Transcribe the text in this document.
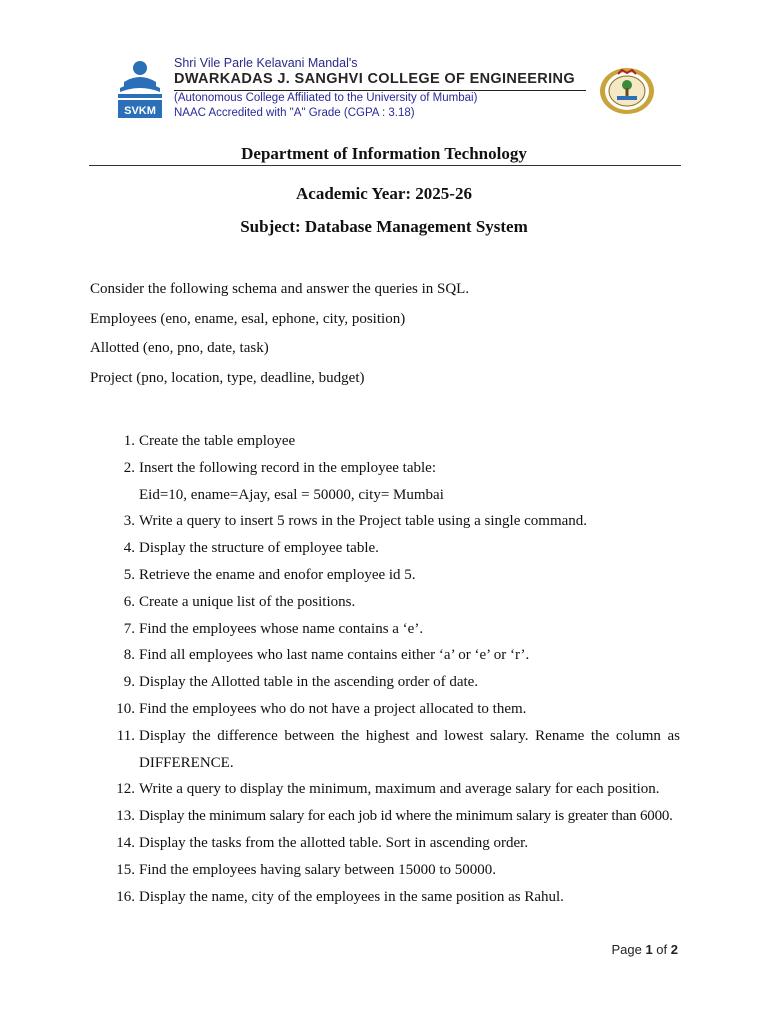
SVKM
Shri Vile Parle Kelavani Mandal's
DWARKADAS J. SANGHVI COLLEGE OF ENGINEERING
(Autonomous College Affiliated to the University of Mumbai)
NAAC Accredited with "A" Grade (CGPA : 3.18)
Department of Information Technology
Academic Year: 2025-26
Subject: Database Management System

Consider the following schema and answer the queries in SQL.

Employees (eno, ename, esal, ephone, city, position)

Allotted (eno, pno, date, task)

Project (pno, location, type, deadline, budget)

1. Create the table employee
2. Insert the following record in the employee table:
Eid=10, ename=Ajay, esal = 50000, city= Mumbai
3. Write a query to insert 5 rows in the Project table using a single command.
4. Display the structure of employee table.
5. Retrieve the ename and enofor employee id 5.
6. Create a unique list of the positions.
7. Find the employees whose name contains a ‘e’.
8. Find all employees who last name contains either ‘a’ or ‘e’ or ‘r’.
9. Display the Allotted table in the ascending order of date.
10. Find the employees who do not have a project allocated to them.
11. Display the difference between the highest and lowest salary. Rename the column as DIFFERENCE.
12. Write a query to display the minimum, maximum and average salary for each position.
13. Display the minimum salary for each job id where the minimum salary is greater than 6000.
14. Display the tasks from the allotted table. Sort in ascending order.
15. Find the employees having salary between 15000 to 50000.
16. Display the name, city of the employees in the same position as Rahul.
Page 1 of 2
